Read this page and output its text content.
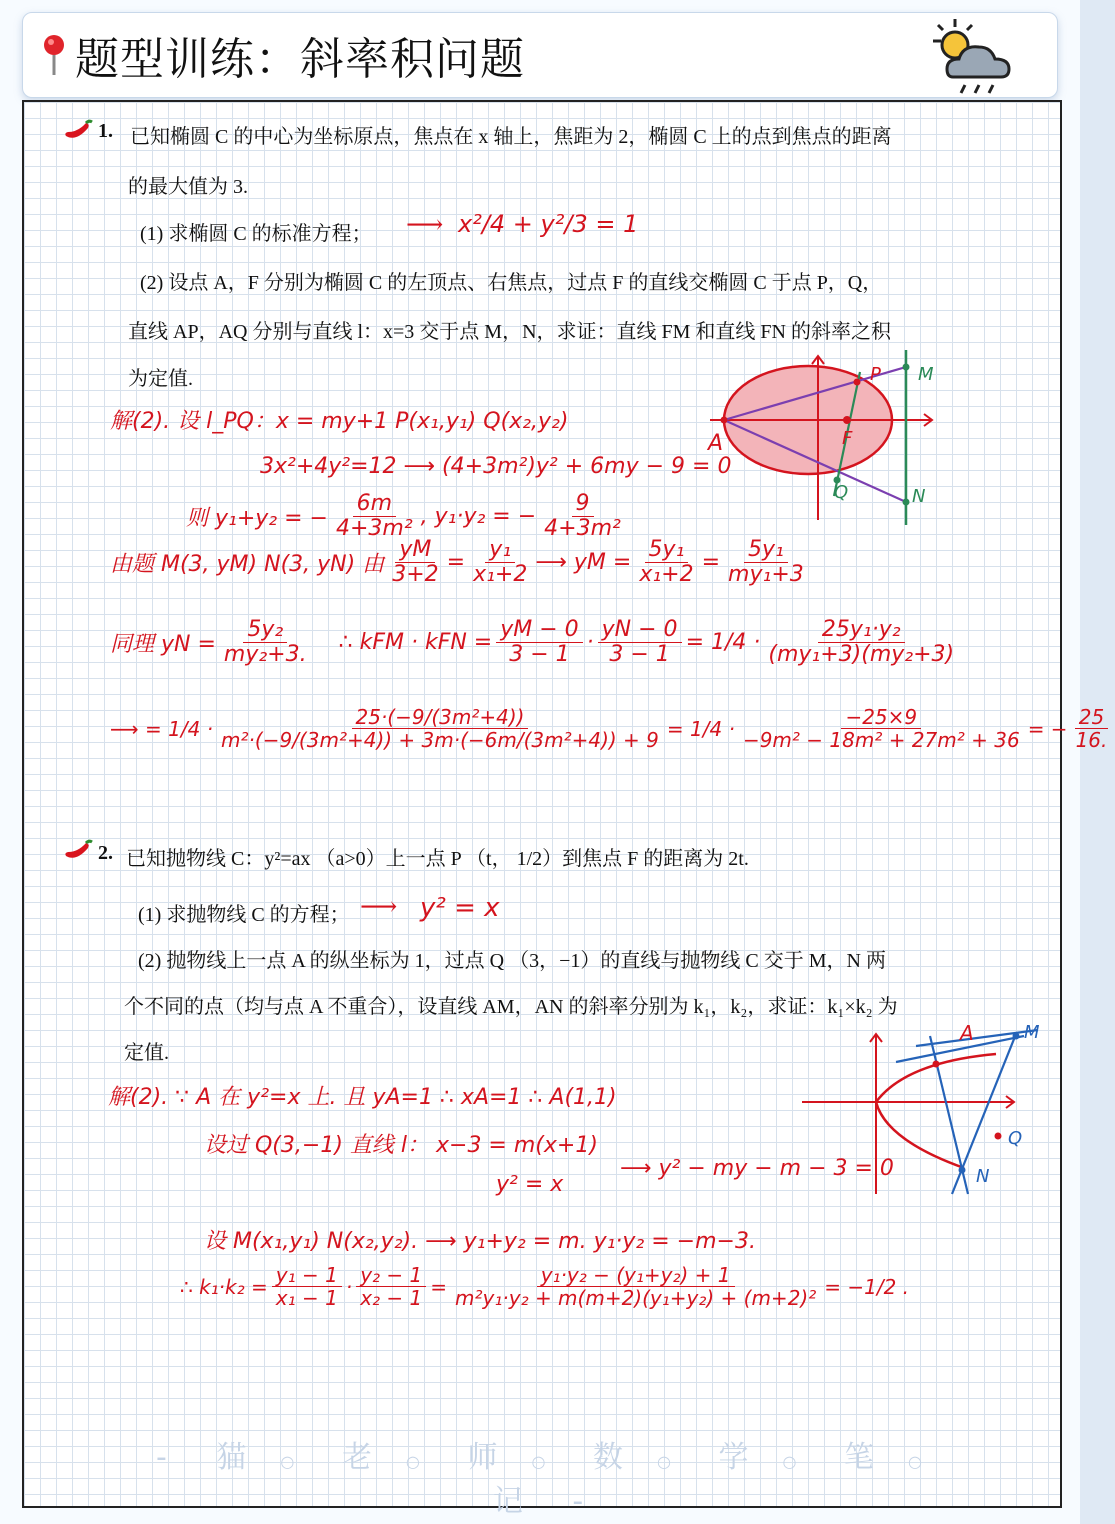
题型训练：斜率积问题
1. 已知椭圆 C 的中心为坐标原点，焦点在 x 轴上，焦距为 2，椭圆 C 上的点到焦点的距离
的最大值为 3.
(1) 求椭圆 C 的标准方程； ⟶ x²/4 + y²/3 = 1
(2) 设点 A，F 分别为椭圆 C 的左顶点、右焦点，过点 F 的直线交椭圆 C 于点 P，Q，
直线 AP，AQ 分别与直线 l：x=3 交于点 M，N，求证：直线 FM 和直线 FN 的斜率之积
为定值.	P M
A	F
Q	N
解(2). 设 l_PQ：x = my+1 P(x₁,y₁) Q(x₂,y₂)
3x²+4y²=12 ⟶ (4+3m²)y² + 6my − 9 = 0
则 y₁+y₂ = − $\frac{6m}{\text{4+3m²}}$ , y₁·y₂ = − $\frac{9}{\text{4+3m²}}$
由题 M(3, yM) N(3, yN) 由 $\frac{yM}{3+2} = \frac{\text{y₁}}{\text{x₁+2}}$ ⟶ yM = $\frac{\text{5y₁}}{\text{x₁+2}} = \frac{\text{5y₁}}{\text{my₁+3}}$
同理 yN = $\frac{\text{5y₂}}{\text{my₂+3.}}$ ∴ kFM · kFN = $\frac{yM - 0}{3 - 1} \cdot \frac{yN - 0}{3 - 1} = 1/4 \cdot \frac{\text{25y₁·y₂}}{\text{(my₁+3)(my₂+3)}}$
⟶ = $1/4 \cdot \frac{\text{25·(−9/(3m²+4))}}{\text{m²·(−9/(3m²+4)) + 3m·(−6m/(3m²+4)) + 9}} = 1/4 \cdot \frac{-25\times 9}{\text{−9m² − 18m² + 27m² + 36}}$ = − $\frac{25}{16.}$
2. 已知抛物线 C：y²=ax （a>0）上一点 P （t， 1/2）到焦点 F 的距离为 2t.
(1) 求抛物线 C 的方程； ⟶ y² = x
(2) 抛物线上一点 A 的纵坐标为 1，过点 Q （3，−1）的直线与抛物线 C 交于 M，N 两
个不同的点（均与点 A 不重合），设直线 AM，AN 的斜率分别为 k₁，k₂，求证：k₁×k₂ 为
定值.
A	M
Q
N
解(2). ∵ A 在 y²=x 上. 且 yA=1 ∴ xA=1 ∴ A(1,1)
设过 Q(3,−1) 直线 l： x−3 = m(x+1)
y² = x
⟶ y² − my − m − 3 = 0
设 M(x₁,y₁) N(x₂,y₂). ⟶ y₁+y₂ = m. y₁·y₂ = −m−3.
∴ $k_1\cdot k_2 = \frac{\text{y₁ − 1}}{\text{x₁ − 1}} \cdot \frac{\text{y₂ − 1}}{\text{x₂ − 1}} = \frac{\text{y₁·y₂ − (y₁+y₂) + 1}}{\text{m²y₁·y₂ + m(m+2)(y₁+y₂) + (m+2)²}} = -1/2$ .
- 猫 ○ 老 ○ 师 ○ 数 ○ 学 ○ 笔 ○ 记 -
